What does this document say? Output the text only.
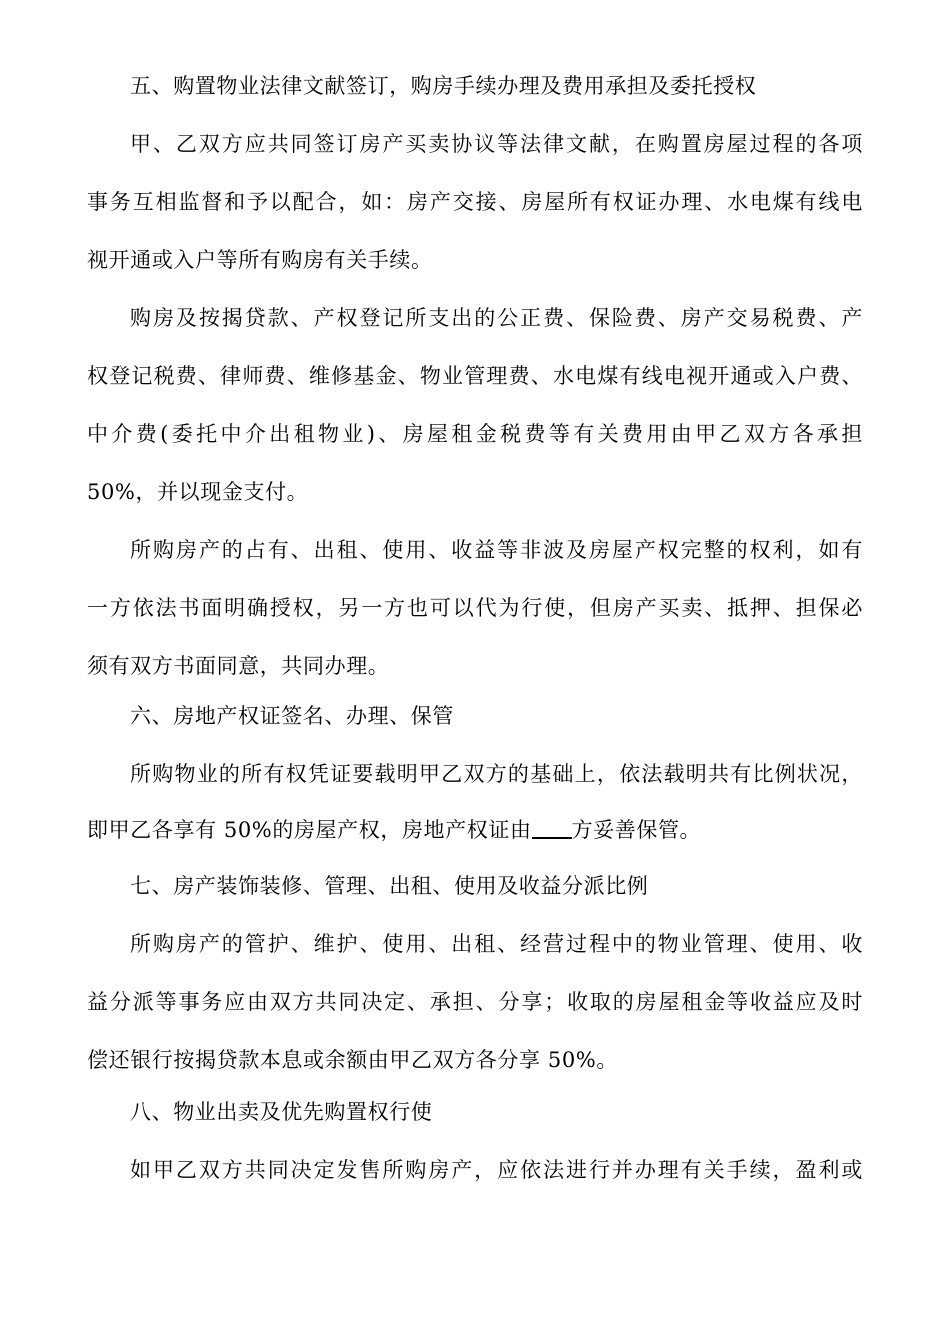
五、购置物业法律文献签订，购房手续办理及费用承担及委托授权
甲、乙双方应共同签订房产买卖协议等法律文献，在购置房屋过程的各项
事务互相监督和予以配合，如：房产交接、房屋所有权证办理、水电煤有线电
视开通或入户等所有购房有关手续。
购房及按揭贷款、产权登记所支出的公正费、保险费、房产交易税费、产
权登记税费、律师费、维修基金、物业管理费、水电煤有线电视开通或入户费、
中介费(委托中介出租物业)、房屋租金税费等有关费用由甲乙双方各承担
50%，并以现金支付。
所购房产的占有、出租、使用、收益等非波及房屋产权完整的权利，如有
一方依法书面明确授权，另一方也可以代为行使，但房产买卖、抵押、担保必
须有双方书面同意，共同办理。
六、房地产权证签名、办理、保管
所购物业的所有权凭证要载明甲乙双方的基础上，依法载明共有比例状况，
即甲乙各享有 50%的房屋产权，房地产权证由 方妥善保管。
七、房产装饰装修、管理、出租、使用及收益分派比例
所购房产的管护、维护、使用、出租、经营过程中的物业管理、使用、收
益分派等事务应由双方共同决定、承担、分享；收取的房屋租金等收益应及时
偿还银行按揭贷款本息或余额由甲乙双方各分享 50%。
八、物业出卖及优先购置权行使
如甲乙双方共同决定发售所购房产，应依法进行并办理有关手续，盈利或
